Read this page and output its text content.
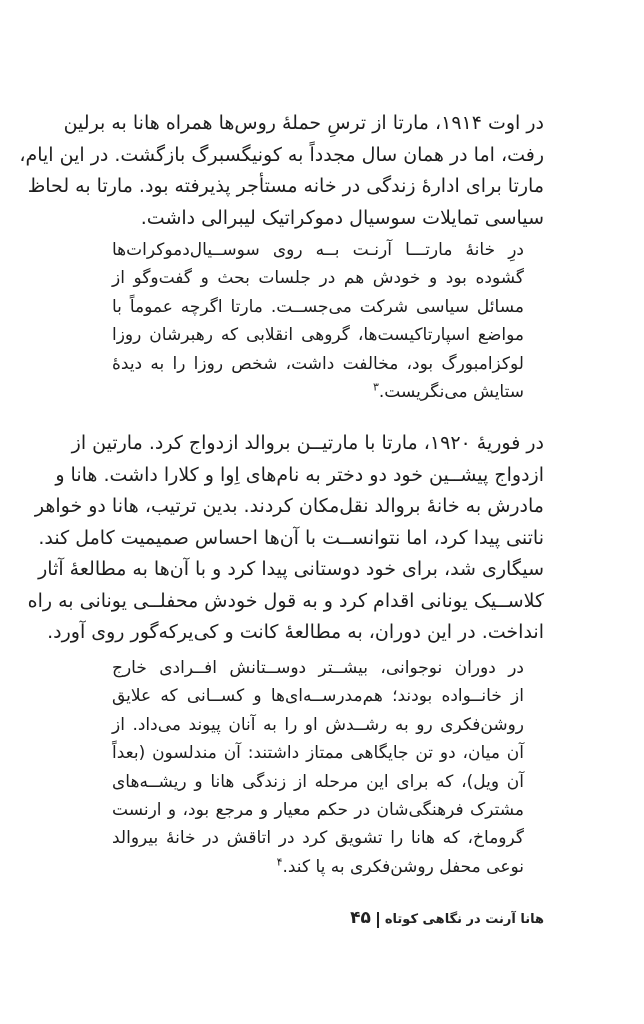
در اوت ۱۹۱۴، مارتا از ترسِ حملهٔ روس‌ها همراه هانا به برلین
رفت، اما در همان سال مجدداً به کونیگسبرگ بازگشت. در این ایام،
مارتا برای ادارهٔ زندگی در خانه مستأجر پذیرفته بود. مارتا به لحاظ
سیاسی تمایلات سوسیال دموکراتیک لیبرالی داشت.
درِ خانهٔ مارتـــا آرنـت بــه روی سوســیال‌دموکرات‌ها
گشوده بود و خودش هم در جلسات بحث و گفت‌وگو از
مسائل سیاسی شرکت می‌جســت. مارتا اگرچه عموماً با
مواضع اسپارتاکیست‌ها، گروهی انقلابی که رهبرشان روزا
لوکزامبورگ بود، مخالفت داشت، شخص روزا را به دیدهٔ
ستایش می‌نگریست.$^۳$
در فوریهٔ ۱۹۲۰، مارتا با مارتیــن بروالد ازدواج کرد. مارتین از
ازدواج پیشــین خود دو دختر به نام‌های اِوا و کلارا داشت. هانا و
مادرش به خانهٔ بروالد نقل‌مکان کردند. بدین ترتیب، هانا دو خواهر
ناتنی پیدا کرد، اما نتوانســت با آن‌ها احساس صمیمیت کامل کند.
سیگاری شد، برای خود دوستانی پیدا کرد و با آن‌ها به مطالعهٔ آثار
کلاســیک یونانی اقدام کرد و به قول خودش محفلــی یونانی به راه
انداخت. در این دوران، به مطالعهٔ کانت و کی‌یرکه‌گور روی آورد.
در دوران نوجوانی، بیشــتر دوســتانش افــرادی خارج
از خانــواده بودند؛ هم‌مدرســه‌ای‌ها و کســانی که علایق
روشن‌فکری رو به رشــدش او را به آنان پیوند می‌داد. از
آن میان، دو تن جایگاهی ممتاز داشتند: آن مندلسون (بعداً
آن ویل)، که برای این مرحله از زندگی هانا و ریشــه‌های
مشترک فرهنگی‌شان در حکم معیار و مرجع بود، و ارنست
گروماخ، که هانا را تشویق کرد در اتاقش در خانهٔ بیروالد
نوعی محفل روشن‌فکری به پا کند.$^۴$
هانا آرنت در نگاهی کوتاه۴۵
